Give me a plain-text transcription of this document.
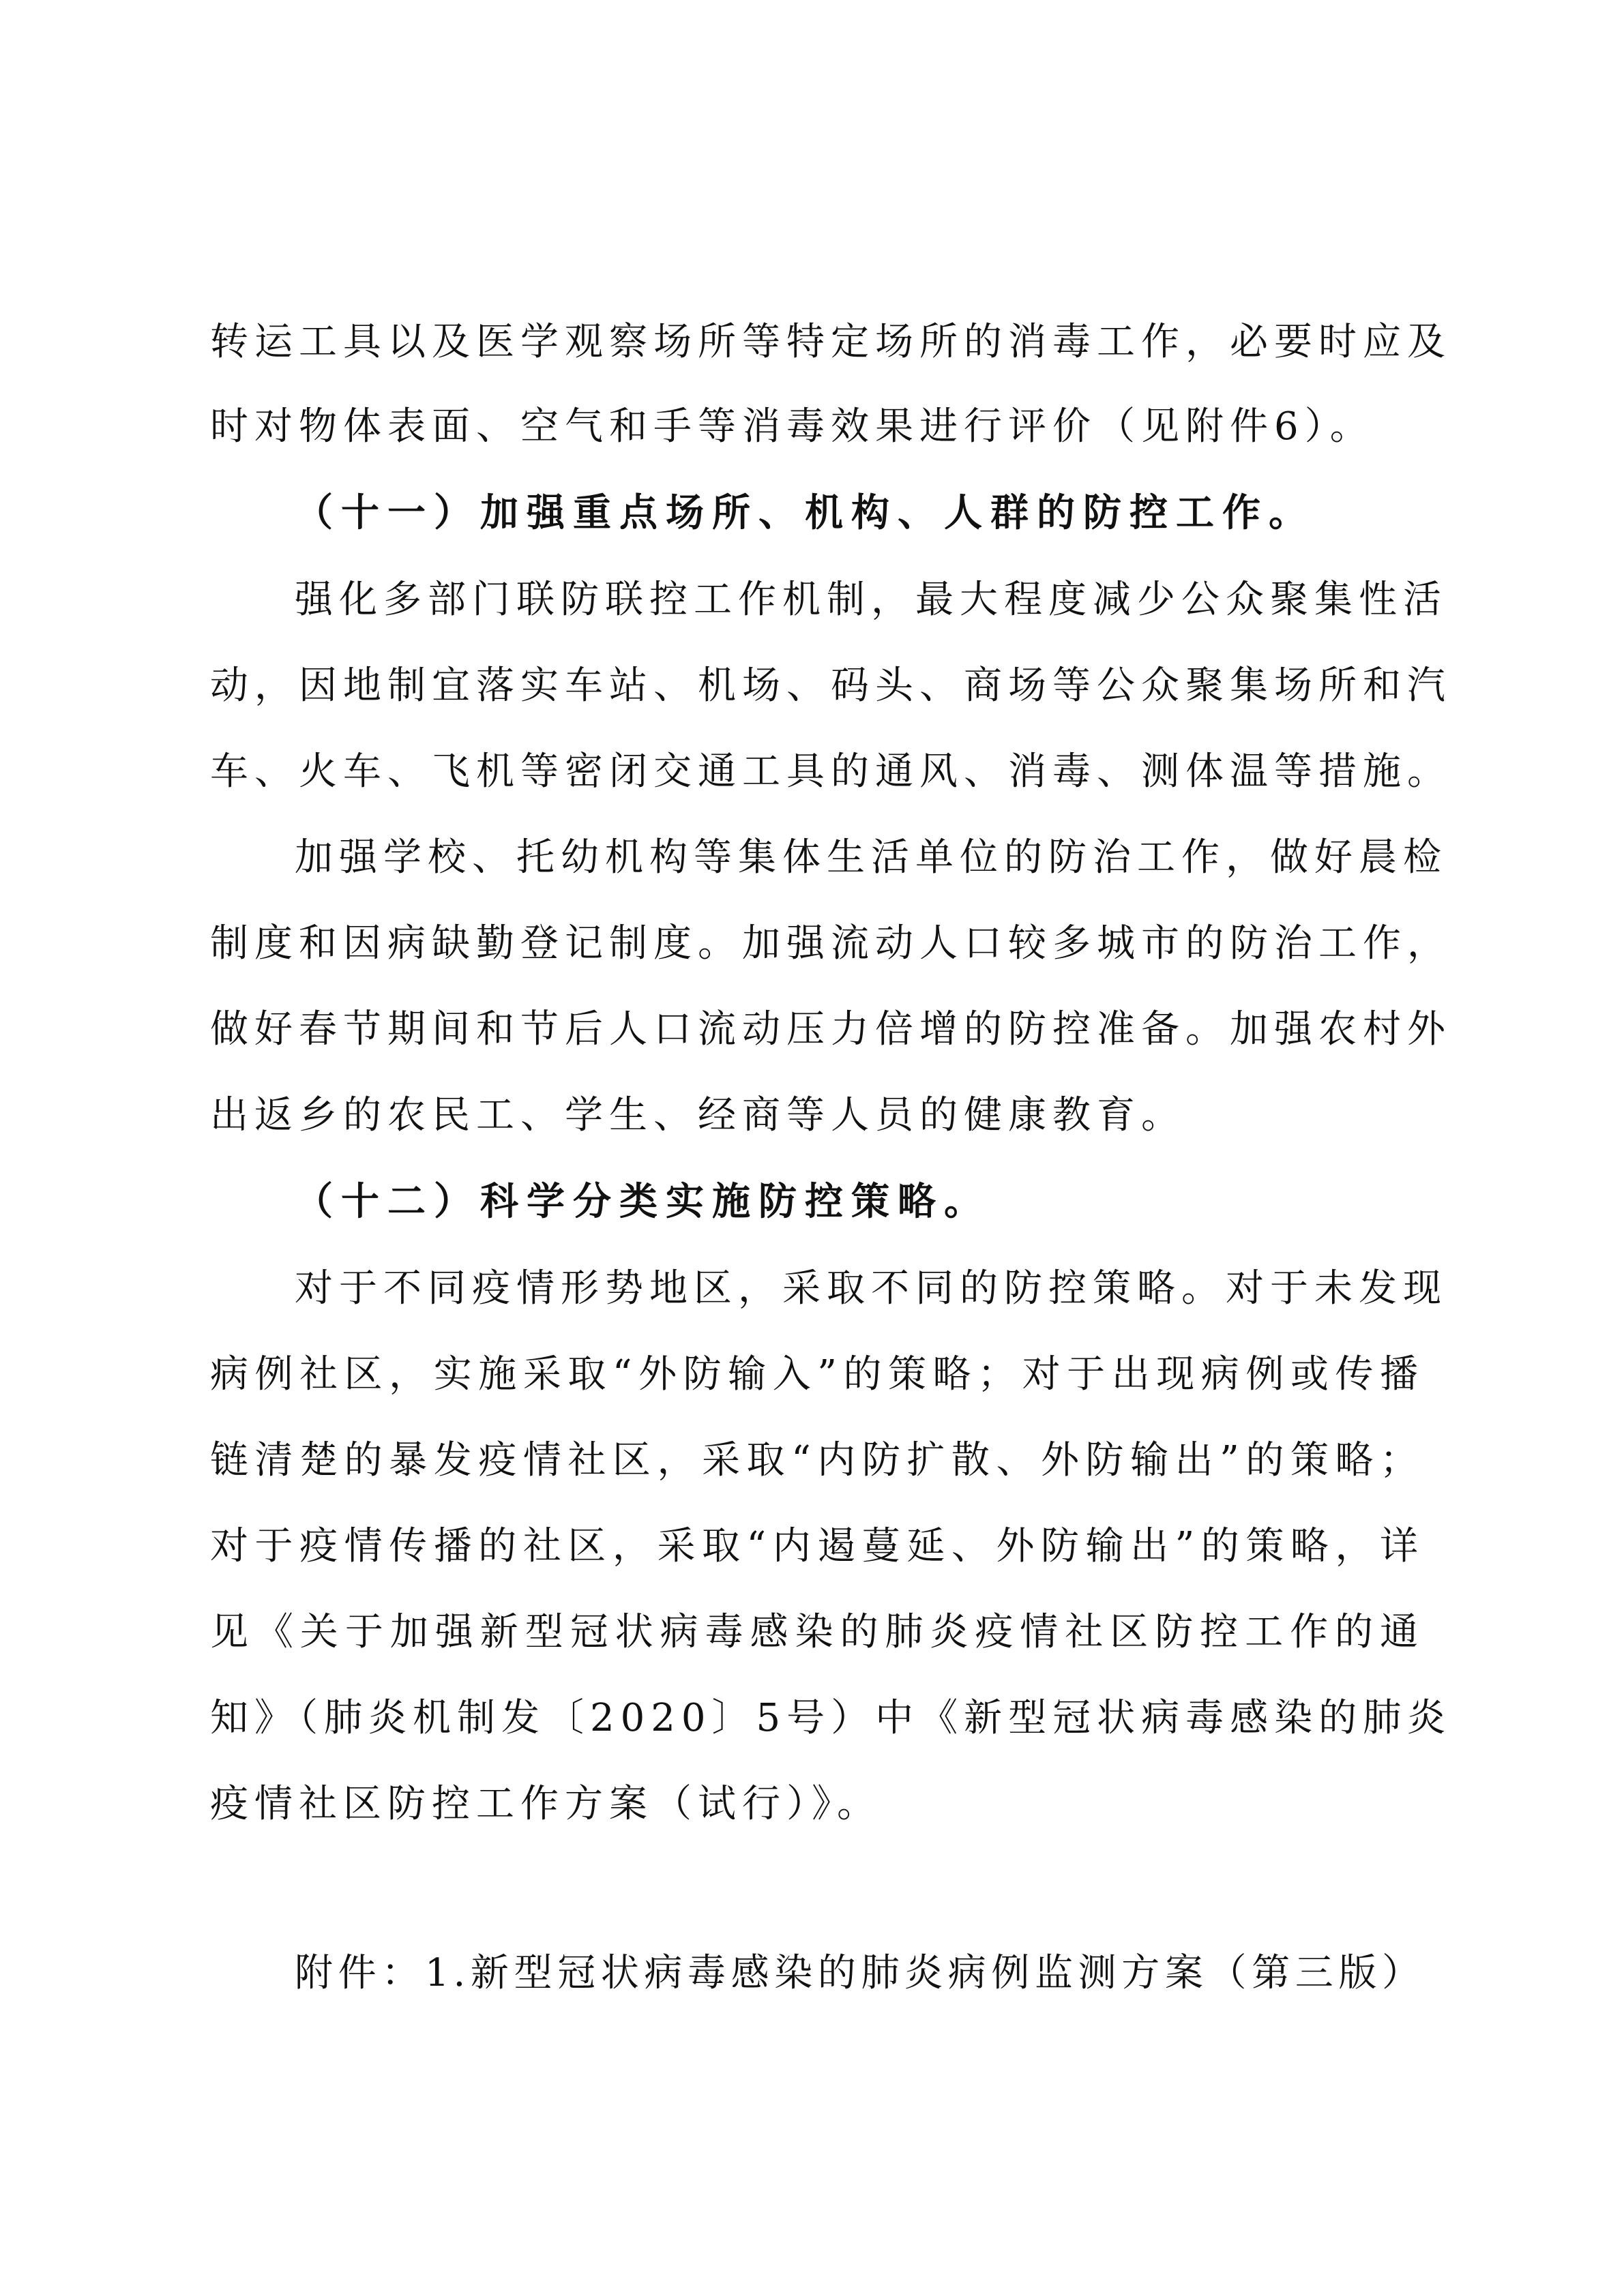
转运工具以及医学观察场所等特定场所的消毒工作，必要时应及
时对物体表面、空气和手等消毒效果进行评价（见附件6）。
（十一）加强重点场所、机构、人群的防控工作。
强化多部门联防联控工作机制，最大程度减少公众聚集性活
动，因地制宜落实车站、机场、码头、商场等公众聚集场所和汽
车、火车、飞机等密闭交通工具的通风、消毒、测体温等措施。
加强学校、托幼机构等集体生活单位的防治工作，做好晨检
制度和因病缺勤登记制度。加强流动人口较多城市的防治工作，
做好春节期间和节后人口流动压力倍增的防控准备。加强农村外
出返乡的农民工、学生、经商等人员的健康教育。
（十二）科学分类实施防控策略。
对于不同疫情形势地区，采取不同的防控策略。对于未发现
病例社区，实施采取“外防输入”的策略；对于出现病例或传播
链清楚的暴发疫情社区，采取“内防扩散、外防输出”的策略；
对于疫情传播的社区，采取“内遏蔓延、外防输出”的策略，详
见《关于加强新型冠状病毒感染的肺炎疫情社区防控工作的通
知》（肺炎机制发〔2020〕5号）中《新型冠状病毒感染的肺炎
疫情社区防控工作方案（试行）》。
附件：1.新型冠状病毒感染的肺炎病例监测方案（第三版）
